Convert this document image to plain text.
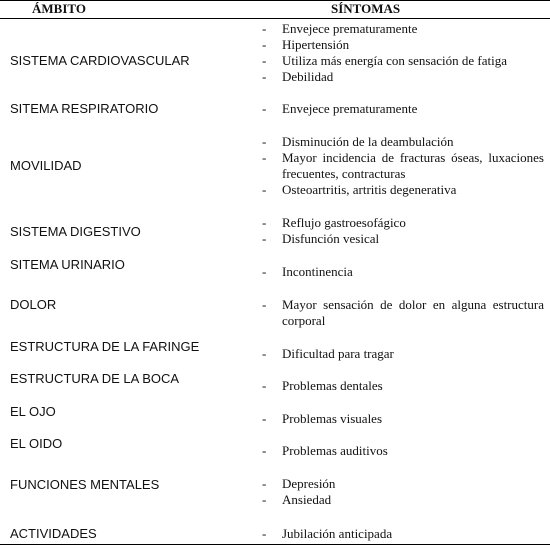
ÁMBITO	SÍNTOMAS
SISTEMA CARDIOVASCULAR
- Envejece prematuramente
- Hipertensión
- Utiliza más energía con sensación de fatiga
- Debilidad
SITEMA RESPIRATORIO	- Envejece prematuramente
MOVILIDAD
- Disminución de la deambulación
- Mayor incidencia de fracturas óseas, luxaciones frecuentes, contracturas
- Osteoartritis, artritis degenerativa
SISTEMA DIGESTIVO
- Reflujo gastroesofágico
- Disfunción vesical
SITEMA URINARIO	- Incontinencia
DOLOR	- Mayor sensación de dolor en alguna estructura corporal
ESTRUCTURA DE LA FARINGE	- Dificultad para tragar
ESTRUCTURA DE LA BOCA	- Problemas dentales
EL OJO	- Problemas visuales
EL OIDO	- Problemas auditivos
FUNCIONES MENTALES	- Depresión
- Ansiedad
ACTIVIDADES	- Jubilación anticipada
